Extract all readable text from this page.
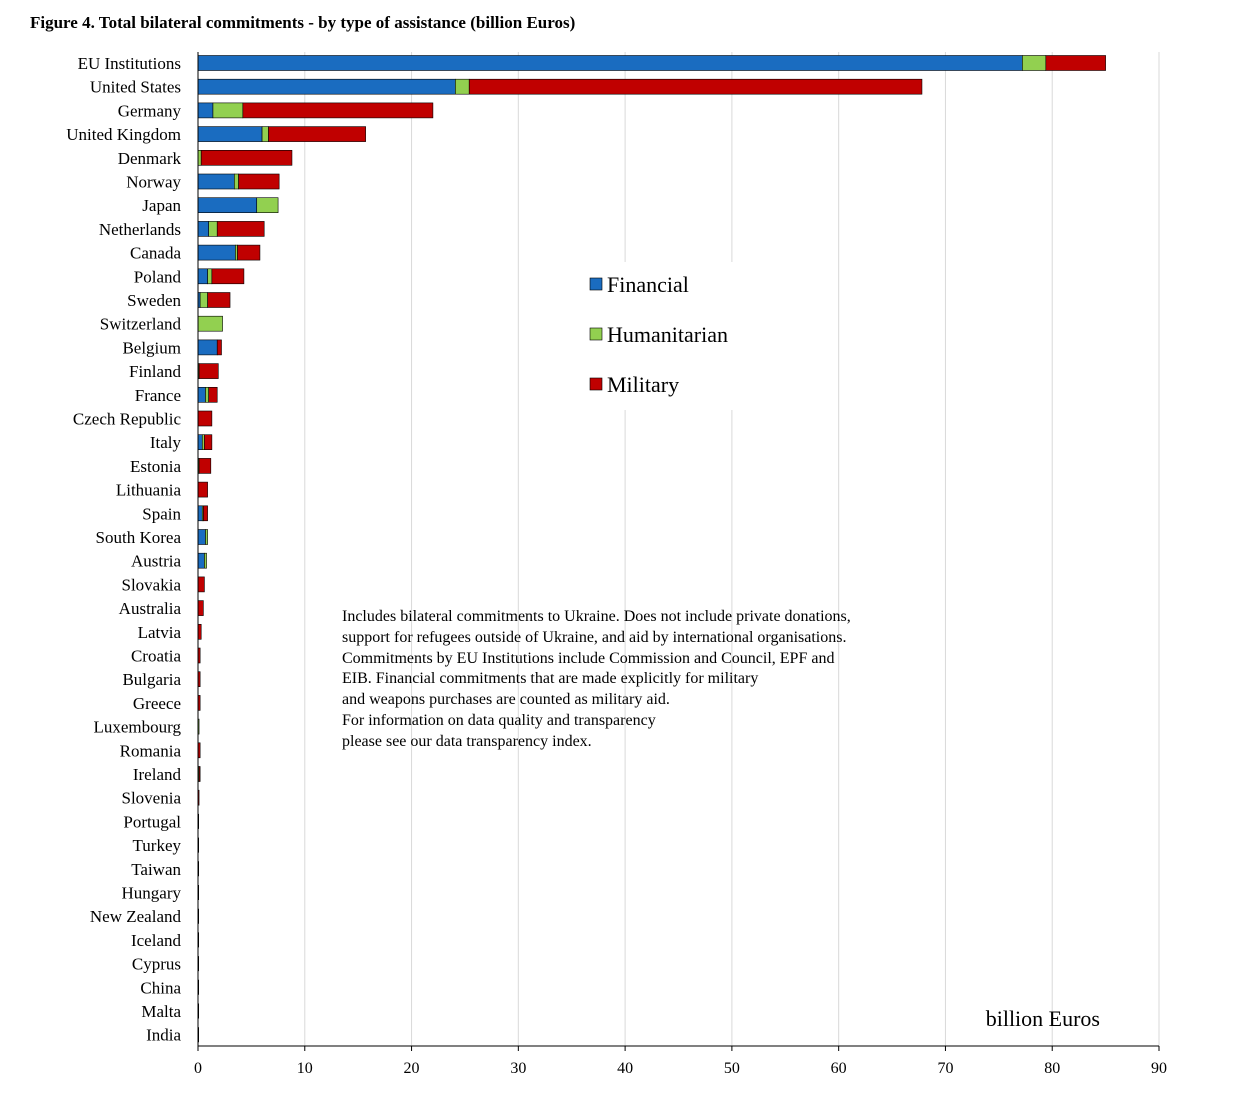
Figure 4. Total bilateral commitments - by type of assistance (billion Euros)
EU Institutions
United States
Germany
United Kingdom
Denmark
Norway
Japan
Netherlands
Canada
Poland
Sweden
Switzerland
Belgium
Finland
France
Czech Republic
Italy
Estonia
Lithuania
Spain
South Korea
Austria
Slovakia
Australia
Latvia
Croatia
Bulgaria
Greece
Luxembourg
Romania
Ireland
Slovenia
Portugal
Turkey
Taiwan
Hungary
New Zealand
Iceland
Cyprus
China
Malta
India
0	10	20	30	40	50	60	70	80	90
Financial
Humanitarian
Military
billion Euros
Includes bilateral commitments to Ukraine. Does not include private donations,
support for refugees outside of Ukraine, and aid by international organisations.
Commitments by EU Institutions include Commission and Council, EPF and
EIB. Financial commitments that are made explicitly for military
and weapons purchases are counted as military aid.
For information on data quality and transparency
please see our data transparency index.
